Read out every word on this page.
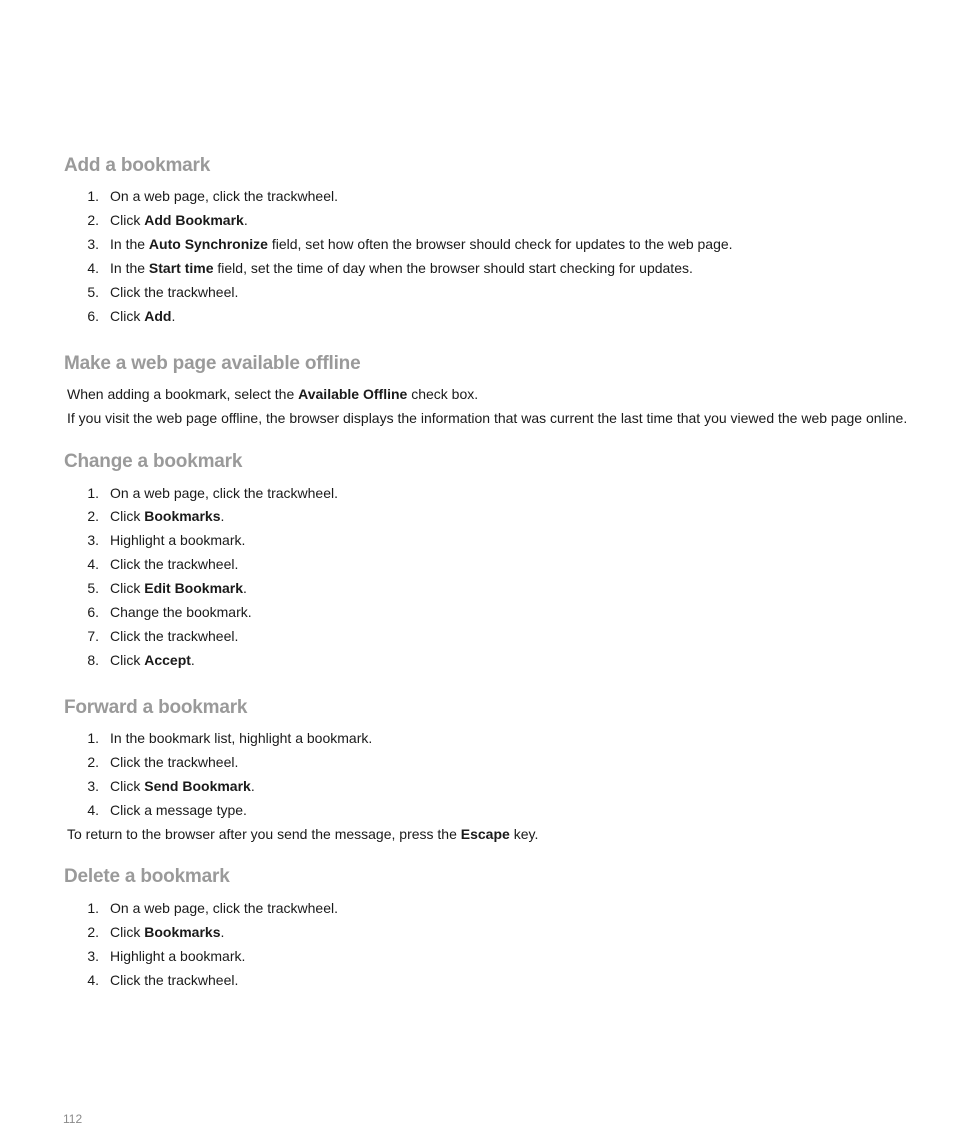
Add a bookmark
1. On a web page, click the trackwheel.
2. Click Add Bookmark.
3. In the Auto Synchronize field, set how often the browser should check for updates to the web page.
4. In the Start time field, set the time of day when the browser should start checking for updates.
5. Click the trackwheel.
6. Click Add.
Make a web page available offline
When adding a bookmark, select the Available Offline check box.
If you visit the web page offline, the browser displays the information that was current the last time that you viewed the web page online.
Change a bookmark
1. On a web page, click the trackwheel.
2. Click Bookmarks.
3. Highlight a bookmark.
4. Click the trackwheel.
5. Click Edit Bookmark.
6. Change the bookmark.
7. Click the trackwheel.
8. Click Accept.
Forward a bookmark
1. In the bookmark list, highlight a bookmark.
2. Click the trackwheel.
3. Click Send Bookmark.
4. Click a message type.
To return to the browser after you send the message, press the Escape key.
Delete a bookmark
1. On a web page, click the trackwheel.
2. Click Bookmarks.
3. Highlight a bookmark.
4. Click the trackwheel.
112
